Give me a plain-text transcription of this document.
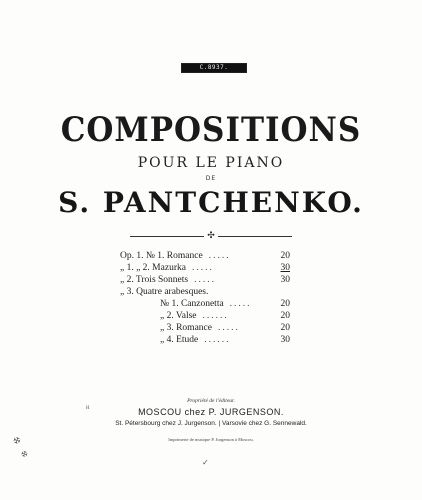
С.8937.
COMPOSITIONS
POUR LE PIANO
DE
S. PANTCHENKO.
✣
Op. 1. № 1. Romance .....	20
„ 1. „ 2. Mazurka .....	30
„ 2. Trois Sonnets .....	30
„ 3. Quatre arabesques.
№ 1. Canzonetta .....	20
„ 2. Valse ......	20
„ 3. Romance .....	20
„ 4. Etude ......	30
Propriété de l'éditeur.
MOSCOU chez P. JURGENSON.
St. Pétersbourg chez J. Jurgenson. | Varsovie chez G. Sennewald.
Imprimerie de musique P. Jurgenson à Moscou.
ᴴ
✠
✠
✓
